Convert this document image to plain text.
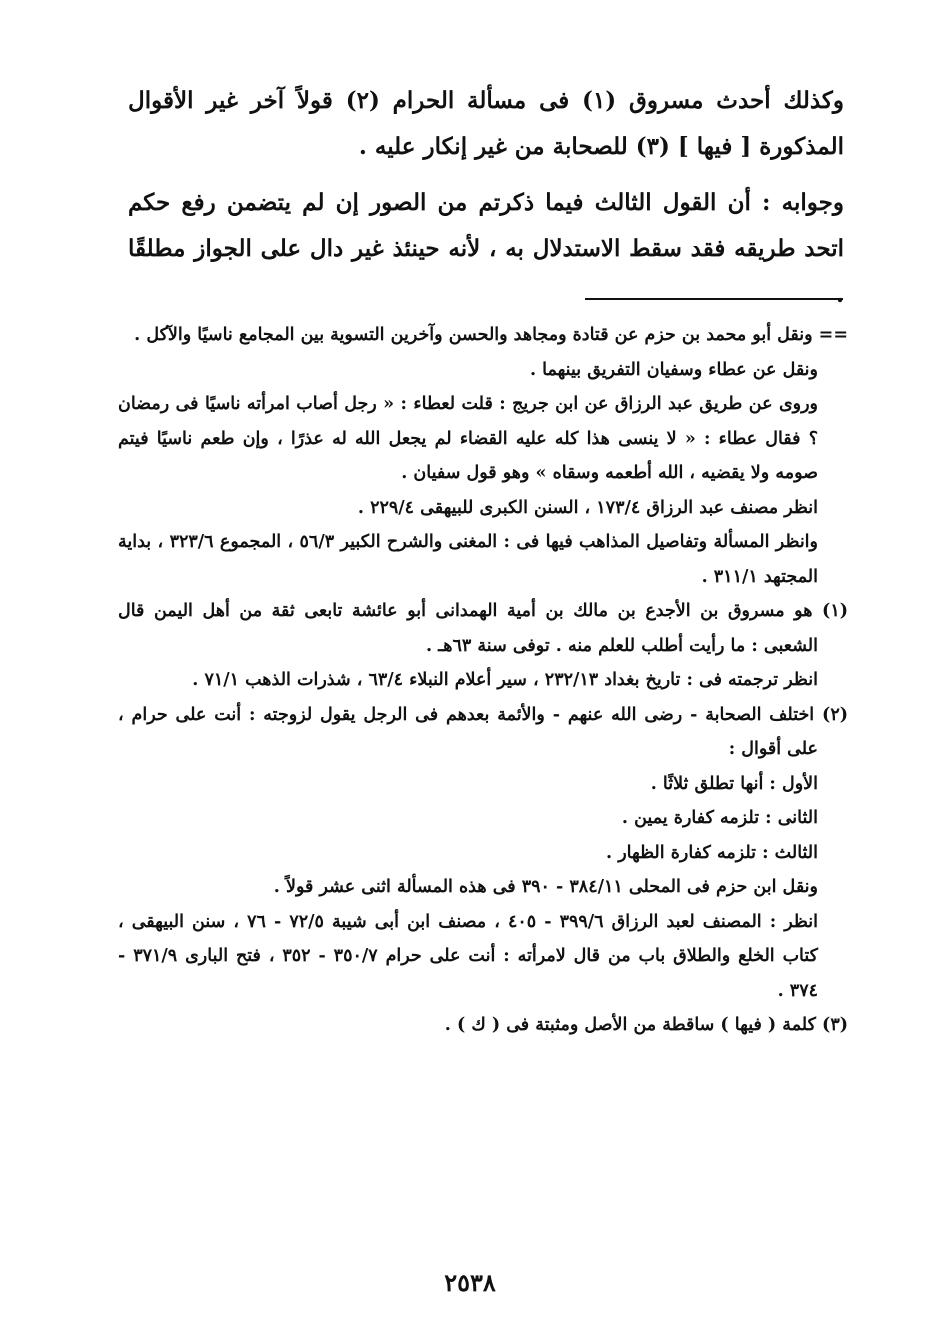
وكذلك أحدث مسروق (١) فى مسألة الحرام (٢) قولاً آخر غير الأقوال المذكورة [ فيها ] (٣) للصحابة من غير إنكار عليه .

وجوابه : أن القول الثالث فيما ذكرتم من الصور إن لم يتضمن رفع حكم اتحد طريقه فقد سقط الاستدلال به ، لأنه حينئذ غير دال على الجواز مطلقًا .

== ونقل أبو محمد بن حزم عن قتادة ومجاهد والحسن وآخرين التسوية بين المجامع ناسيًا والآكل .

ونقل عن عطاء وسفيان التفريق بينهما .

وروى عن طريق عبد الرزاق عن ابن جريج : قلت لعطاء : « رجل أصاب امرأته ناسيًا فى رمضان ؟ فقال عطاء : « لا ينسى هذا كله عليه القضاء لم يجعل الله له عذرًا ، وإن طعم ناسيًا فيتم صومه ولا يقضيه ، الله أطعمه وسقاه » وهو قول سفيان .

انظر مصنف عبد الرزاق ١٧٣/٤ ، السنن الكبرى للبيهقى ٢٢٩/٤ .

وانظر المسألة وتفاصيل المذاهب فيها فى : المغنى والشرح الكبير ٥٦/٣ ، المجموع ٣٢٣/٦ ، بداية المجتهد ٣١١/١ .

(١) هو مسروق بن الأجدع بن مالك بن أمية الهمدانى أبو عائشة تابعى ثقة من أهل اليمن قال الشعبى : ما رأيت أطلب للعلم منه . توفى سنة ٦٣هـ .

انظر ترجمته فى : تاريخ بغداد ٢٣٢/١٣ ، سير أعلام النبلاء ٦٣/٤ ، شذرات الذهب ٧١/١ .

(٢) اختلف الصحابة - رضى الله عنهم - والأئمة بعدهم فى الرجل يقول لزوجته : أنت على حرام ، على أقوال :

الأول : أنها تطلق ثلاثًا .

الثانى : تلزمه كفارة يمين .

الثالث : تلزمه كفارة الظهار .

ونقل ابن حزم فى المحلى ٣٨٤/١١ - ٣٩٠ فى هذه المسألة اثنى عشر قولاً .

انظر : المصنف لعبد الرزاق ٣٩٩/٦ - ٤٠٥ ، مصنف ابن أبى شيبة ٧٢/٥ - ٧٦ ، سنن البيهقى ، كتاب الخلع والطلاق باب من قال لامرأته : أنت على حرام ٣٥٠/٧ - ٣٥٢ ، فتح البارى ٣٧١/٩ - ٣٧٤ .

(٣) كلمة ( فيها ) ساقطة من الأصل ومثبتة فى ( ك ) .

٢٥٣٨
